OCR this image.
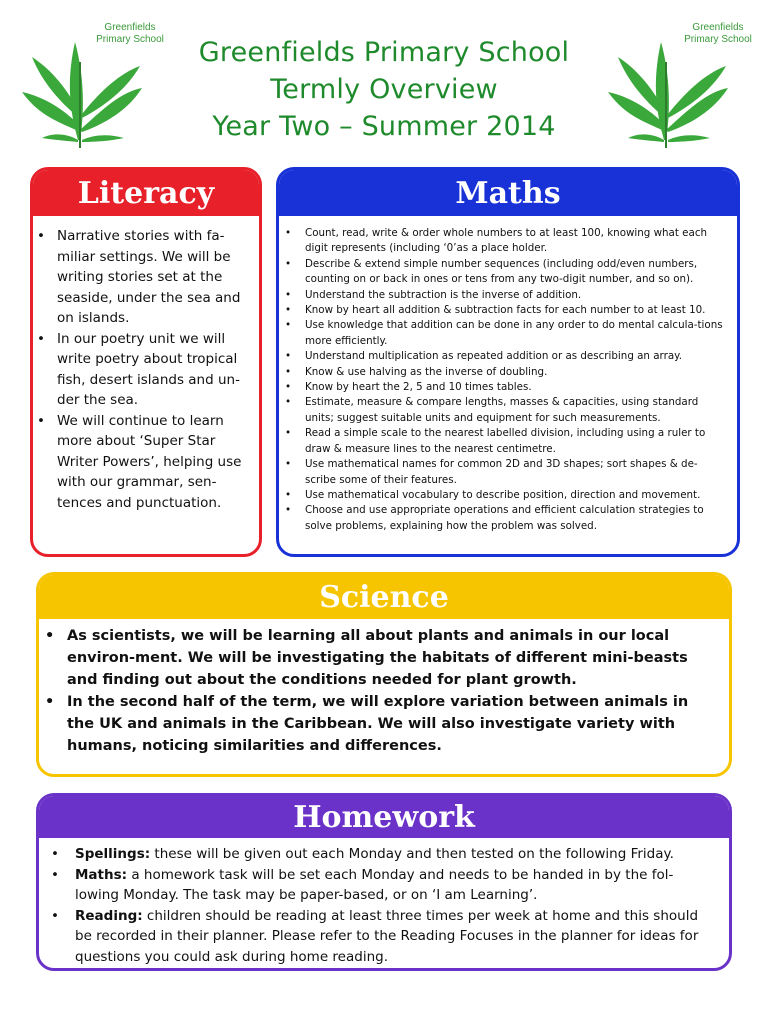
Greenfields
Primary School
Greenfields
Primary School
Greenfields Primary School
Termly Overview
Year Two – Summer 2014
Literacy
• Narrative stories with fa-miliar settings. We will be writing stories set at the seaside, under the sea and on islands.
• In our poetry unit we will write poetry about tropical fish, desert islands and un-der the sea.
• We will continue to learn more about ‘Super Star Writer Powers’, helping use with our grammar, sen-tences and punctuation.
Maths
• Count, read, write & order whole numbers to at least 100, knowing what each digit represents (including ‘0’as a place holder.
• Describe & extend simple number sequences (including odd/even numbers, counting on or back in ones or tens from any two-digit number, and so on).
• Understand the subtraction is the inverse of addition.
• Know by heart all addition & subtraction facts for each number to at least 10.
• Use knowledge that addition can be done in any order to do mental calcula-tions more efficiently.
• Understand multiplication as repeated addition or as describing an array.
• Know & use halving as the inverse of doubling.
• Know by heart the 2, 5 and 10 times tables.
• Estimate, measure & compare lengths, masses & capacities, using standard units; suggest suitable units and equipment for such measurements.
• Read a simple scale to the nearest labelled division, including using a ruler to draw & measure lines to the nearest centimetre.
• Use mathematical names for common 2D and 3D shapes; sort shapes & de-scribe some of their features.
• Use mathematical vocabulary to describe position, direction and movement.
• Choose and use appropriate operations and efficient calculation strategies to solve problems, explaining how the problem was solved.
Science
• As scientists, we will be learning all about plants and animals in our local environ-ment. We will be investigating the habitats of different mini-beasts and finding out about the conditions needed for plant growth.
• In the second half of the term, we will explore variation between animals in the UK and animals in the Caribbean. We will also investigate variety with humans, noticing similarities and differences.
Homework
• Spellings: these will be given out each Monday and then tested on the following Friday.
• Maths: a homework task will be set each Monday and needs to be handed in by the fol-lowing Monday. The task may be paper-based, or on ‘I am Learning’.
• Reading: children should be reading at least three times per week at home and this should be recorded in their planner. Please refer to the Reading Focuses in the planner for ideas for questions you could ask during home reading.
